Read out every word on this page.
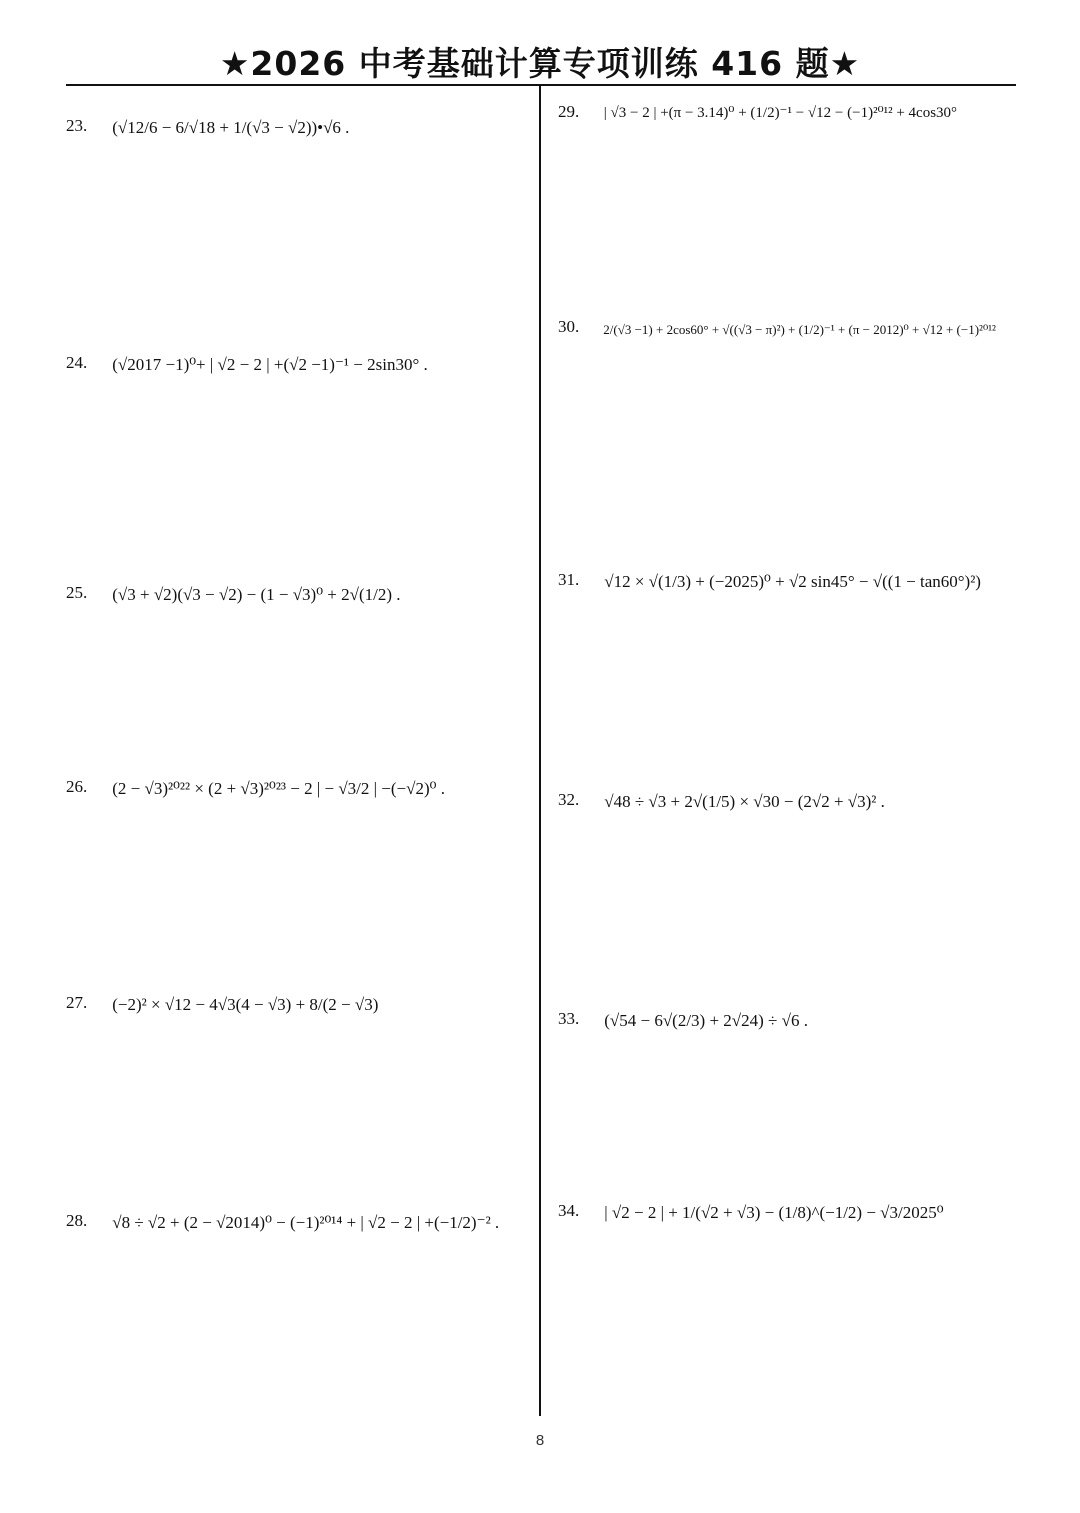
★2026 中考基础计算专项训练 416 题★
23. (√12/6 − 6/√18 + 1/(√3 − √2))•√6 .
24. (√2017 −1)⁰+ | √2 − 2 | +(√2 −1)⁻¹ − 2sin30° .
25. (√3 + √2)(√3 − √2) − (1 − √3)⁰ + 2√(1/2) .
26. (2 − √3)²⁰²² × (2 + √3)²⁰²³ − 2 | − √3/2 | −(−√2)⁰ .
27. (−2)² × √12 − 4√3(4 − √3) + 8/(2 − √3)
28. √8 ÷ √2 + (2 − √2014)⁰ − (−1)²⁰¹⁴ + | √2 − 2 | +(−1/2)⁻² .
29. | √3 − 2 | +(π − 3.14)⁰ + (1/2)⁻¹ − √12 − (−1)²⁰¹² + 4cos30°
30. 2/(√3 −1) + 2cos60° + √((√3 − π)²) + (1/2)⁻¹ + (π − 2012)⁰ + √12 + (−1)²⁰¹²
31. √12 × √(1/3) + (−2025)⁰ + √2 sin45° − √((1 − tan60°)²)
32. √48 ÷ √3 + 2√(1/5) × √30 − (2√2 + √3)² .
33. (√54 − 6√(2/3) + 2√24) ÷ √6 .
34. | √2 − 2 | + 1/(√2 + √3) − (1/8)^(−1/2) − √3/2025⁰
8
